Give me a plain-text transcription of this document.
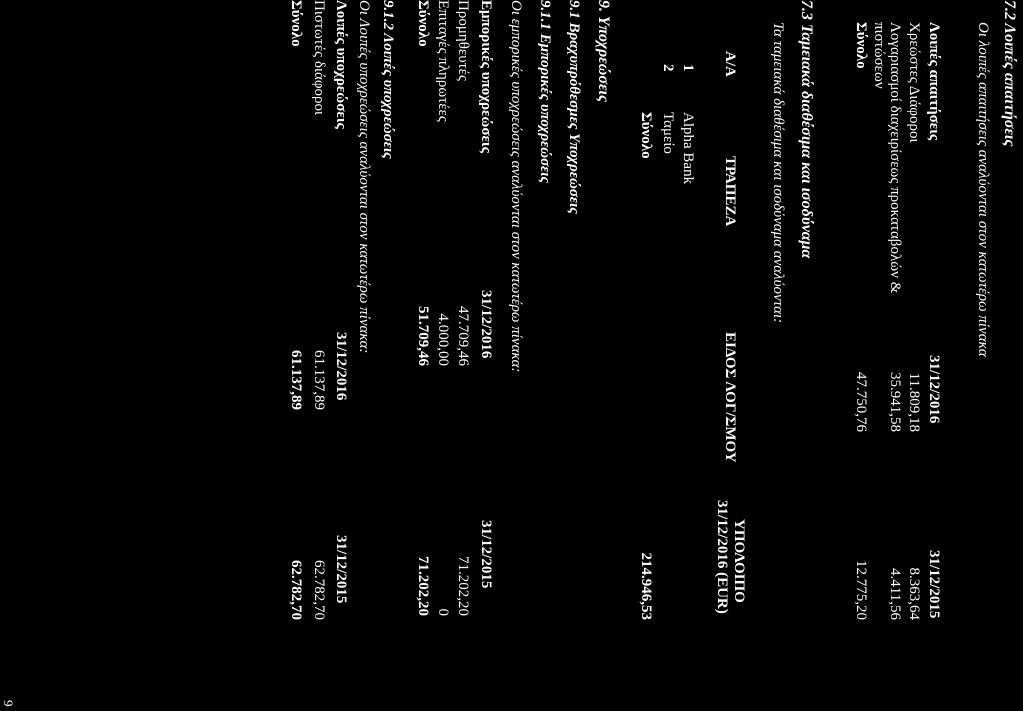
7.2 Λοιπές απαιτήσεις
Οι λοιπές απαιτήσεις αναλύονται στον κατωτέρω πίνακα
Λοιπές απαιτήσεις
31/12/2016
31/12/2015
Χρεώστες Διάφοροι
11.809,18
8.363,64
Λογαριασμοί διαχειρίσεως προκαταβολών &
35.941,58
4.411,56
πιστώσεων
Σύνολο
47.750,76
12.775,20
7.3 Ταμειακά διαθέσιμα και ισοδύναμα
Τα ταμειακά διαθέσιμα και ισοδύναμα αναλύονται:
Α/Α
ΤΡΑΠΕΖΑ
ΕΙΔΟΣ ΛΟΓ/ΣΜΟΥ
ΥΠΟΛΟΙΠΟ
31/12/2016 (EUR)
1
Alpha Bank
2
Ταμείο
Σύνολο
214.946,53
9. Υποχρεώσεις
9.1 Βραχυπρόθεσμες Υποχρεώσεις
9.1.1 Εμπορικές υποχρεώσεις
Οι εμπορικές υποχρεώσεις αναλύονται στον κατωτέρω πίνακα:
Εμπορικές υποχρεώσεις
31/12/2016
31/12/2015
Προμηθευτές
47.709,46
71.202,20
Επιταγές πληρωτέες
4.000,00
0
Σύνολο
51.709,46
71.202,20
9.1.2 Λοιπές υποχρεώσεις
Οι Λοιπές υποχρεώσεις αναλύονται στον κατωτέρω πίνακα:
Λοιπές υποχρεώσεις
31/12/2016
31/12/2015
Πιστωτές διάφοροι
61.137,89
62.782,70
Σύνολο
61.137,89
62.782,70
9
